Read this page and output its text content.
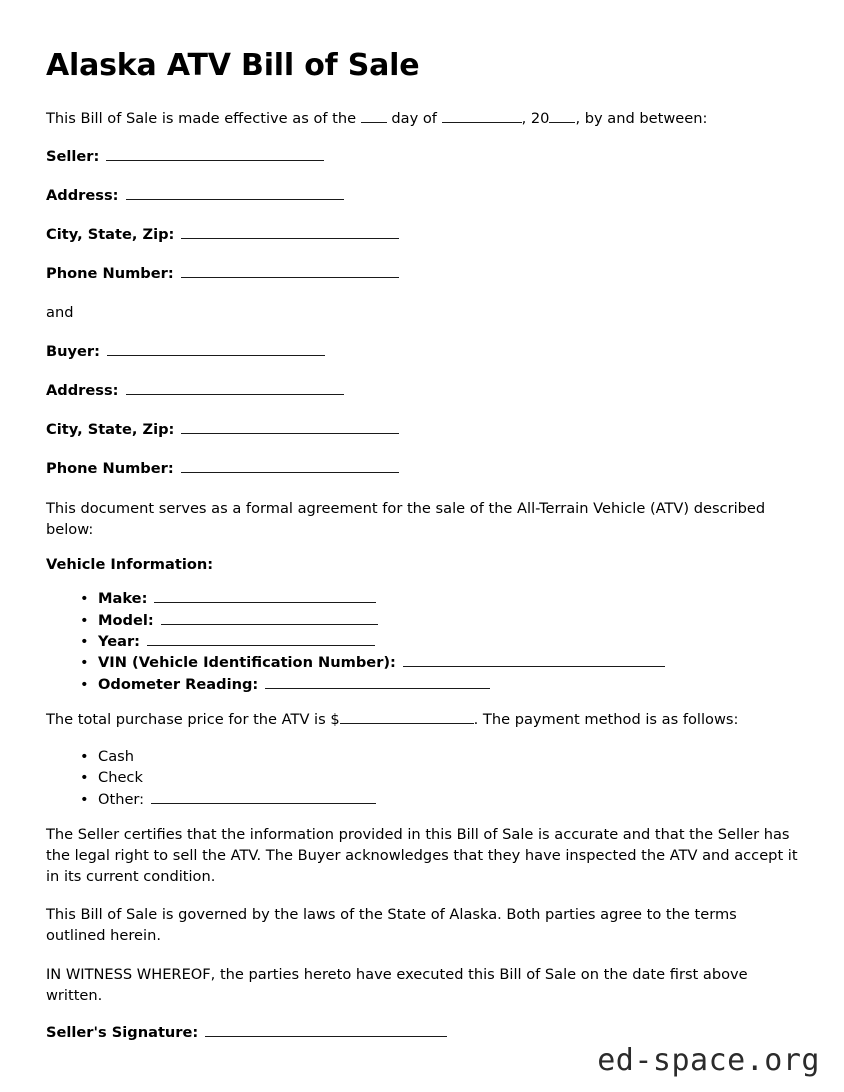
Alaska ATV Bill of Sale

This Bill of Sale is made effective as of the day of	, 20 , by and between:

Seller:
Address:
City, State, Zip:
Phone Number:

and

Buyer:
Address:
City, State, Zip:
Phone Number:

This document serves as a formal agreement for the sale of the All-Terrain Vehicle (ATV) described below:

Vehicle Information:

• Make:
• Model:
• Year:
• VIN (Vehicle Identification Number):
• Odometer Reading:

The total purchase price for the ATV is $	. The payment method is as follows:

• Cash
• Check
• Other:

The Seller certifies that the information provided in this Bill of Sale is accurate and that the Seller has the legal right to sell the ATV. The Buyer acknowledges that they have inspected the ATV and accept it in its current condition.

This Bill of Sale is governed by the laws of the State of Alaska. Both parties agree to the terms outlined herein.

IN WITNESS WHEREOF, the parties hereto have executed this Bill of Sale on the date first above written.

Seller's Signature:
ed-space.org
